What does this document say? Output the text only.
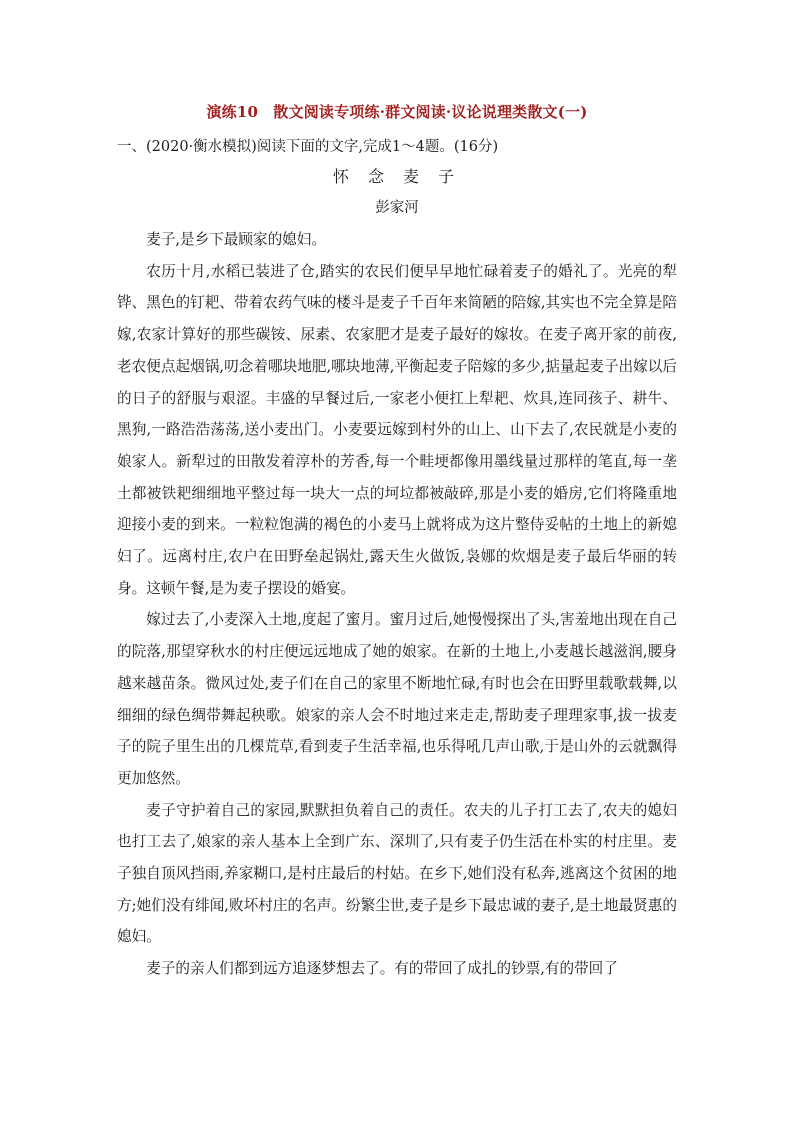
演练10　散文阅读专项练·群文阅读·议论说理类散文(一)
一、(2020·衡水模拟)阅读下面的文字,完成1～4题。(16分)
怀 念 麦 子
彭家河

麦子,是乡下最顾家的媳妇。

农历十月,水稻已装进了仓,踏实的农民们便早早地忙碌着麦子的婚礼了。光亮的犁铧、黑色的钉耙、带着农药气味的楼斗是麦子千百年来简陋的陪嫁,其实也不完全算是陪嫁,农家计算好的那些碳铵、尿素、农家肥才是麦子最好的嫁妆。在麦子离开家的前夜,老农便点起烟锅,叨念着哪块地肥,哪块地薄,平衡起麦子陪嫁的多少,掂量起麦子出嫁以后的日子的舒服与艰涩。丰盛的早餐过后,一家老小便扛上犁耙、炊具,连同孩子、耕牛、黑狗,一路浩浩荡荡,送小麦出门。小麦要远嫁到村外的山上、山下去了,农民就是小麦的娘家人。新犁过的田散发着淳朴的芳香,每一个畦埂都像用墨线量过那样的笔直,每一垄土都被铁耙细细地平整过每一块大一点的坷垃都被敲碎,那是小麦的婚房,它们将隆重地迎接小麦的到来。一粒粒饱满的褐色的小麦马上就将成为这片整侍妥帖的土地上的新媳妇了。远离村庄,农户在田野垒起锅灶,露天生火做饭,袅娜的炊烟是麦子最后华丽的转身。这顿午餐,是为麦子摆设的婚宴。

嫁过去了,小麦深入土地,度起了蜜月。蜜月过后,她慢慢探出了头,害羞地出现在自己的院落,那望穿秋水的村庄便远远地成了她的娘家。在新的土地上,小麦越长越滋润,腰身越来越苗条。微风过处,麦子们在自己的家里不断地忙碌,有时也会在田野里载歌载舞,以细细的绿色绸带舞起秧歌。娘家的亲人会不时地过来走走,帮助麦子理理家事,拔一拔麦子的院子里生出的几棵荒草,看到麦子生活幸福,也乐得吼几声山歌,于是山外的云就飘得更加悠然。

麦子守护着自己的家园,默默担负着自己的责任。农夫的儿子打工去了,农夫的媳妇也打工去了,娘家的亲人基本上全到广东、深圳了,只有麦子仍生活在朴实的村庄里。麦子独自顶风挡雨,养家糊口,是村庄最后的村姑。在乡下,她们没有私奔,逃离这个贫困的地方;她们没有绯闻,败坏村庄的名声。纷繁尘世,麦子是乡下最忠诚的妻子,是土地最贤惠的媳妇。

麦子的亲人们都到远方追逐梦想去了。有的带回了成扎的钞票,有的带回了
